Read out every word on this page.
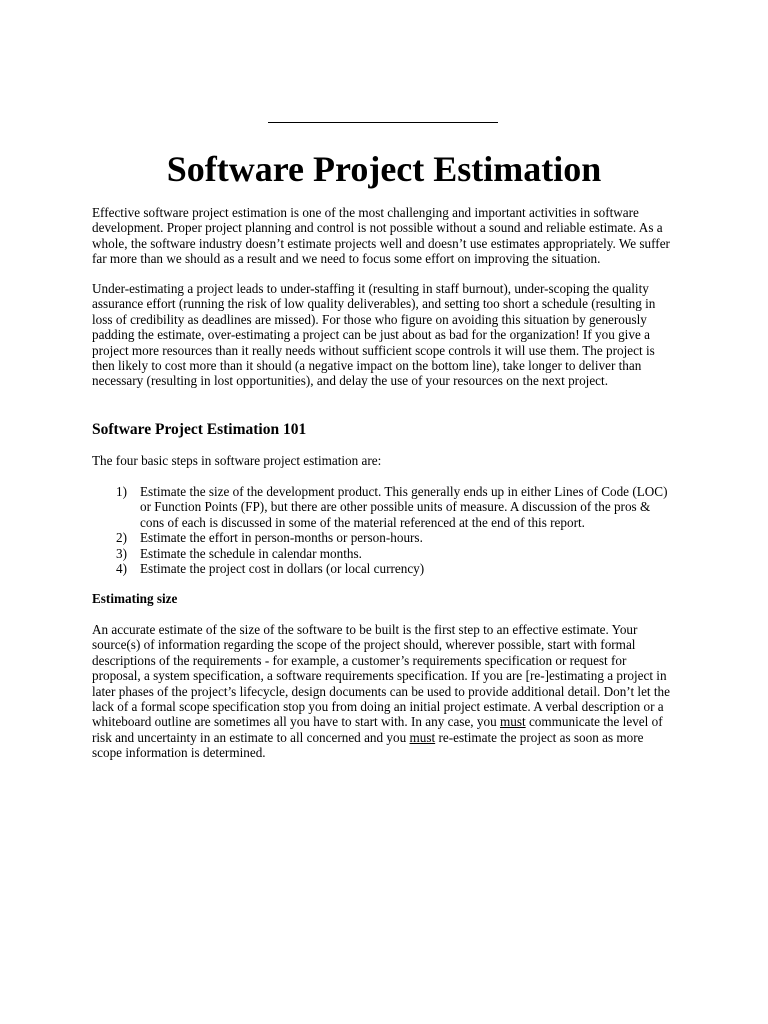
Software Project Estimation

Effective software project estimation is one of the most challenging and important activities in software development. Proper project planning and control is not possible without a sound and reliable estimate. As a whole, the software industry doesn’t estimate projects well and doesn’t use estimates appropriately. We suffer far more than we should as a result and we need to focus some effort on improving the situation.

Under-estimating a project leads to under-staffing it (resulting in staff burnout), under-scoping the quality assurance effort (running the risk of low quality deliverables), and setting too short a schedule (resulting in loss of credibility as deadlines are missed). For those who figure on avoiding this situation by generously padding the estimate, over-estimating a project can be just about as bad for the organization! If you give a project more resources than it really needs without sufficient scope controls it will use them. The project is then likely to cost more than it should (a negative impact on the bottom line), take longer to deliver than necessary (resulting in lost opportunities), and delay the use of your resources on the next project.

Software Project Estimation 101

The four basic steps in software project estimation are:

1) Estimate the size of the development product. This generally ends up in either Lines of Code (LOC) or Function Points (FP), but there are other possible units of measure. A discussion of the pros & cons of each is discussed in some of the material referenced at the end of this report.
2) Estimate the effort in person-months or person-hours.
3) Estimate the schedule in calendar months.
4) Estimate the project cost in dollars (or local currency)
Estimating size

An accurate estimate of the size of the software to be built is the first step to an effective estimate. Your source(s) of information regarding the scope of the project should, wherever possible, start with formal descriptions of the requirements - for example, a customer’s requirements specification or request for proposal, a system specification, a software requirements specification. If you are [re-]estimating a project in later phases of the project’s lifecycle, design documents can be used to provide additional detail. Don’t let the lack of a formal scope specification stop you from doing an initial project estimate. A verbal description or a whiteboard outline are sometimes all you have to start with. In any case, you must communicate the level of risk and uncertainty in an estimate to all concerned and you must re-estimate the project as soon as more scope information is determined.
